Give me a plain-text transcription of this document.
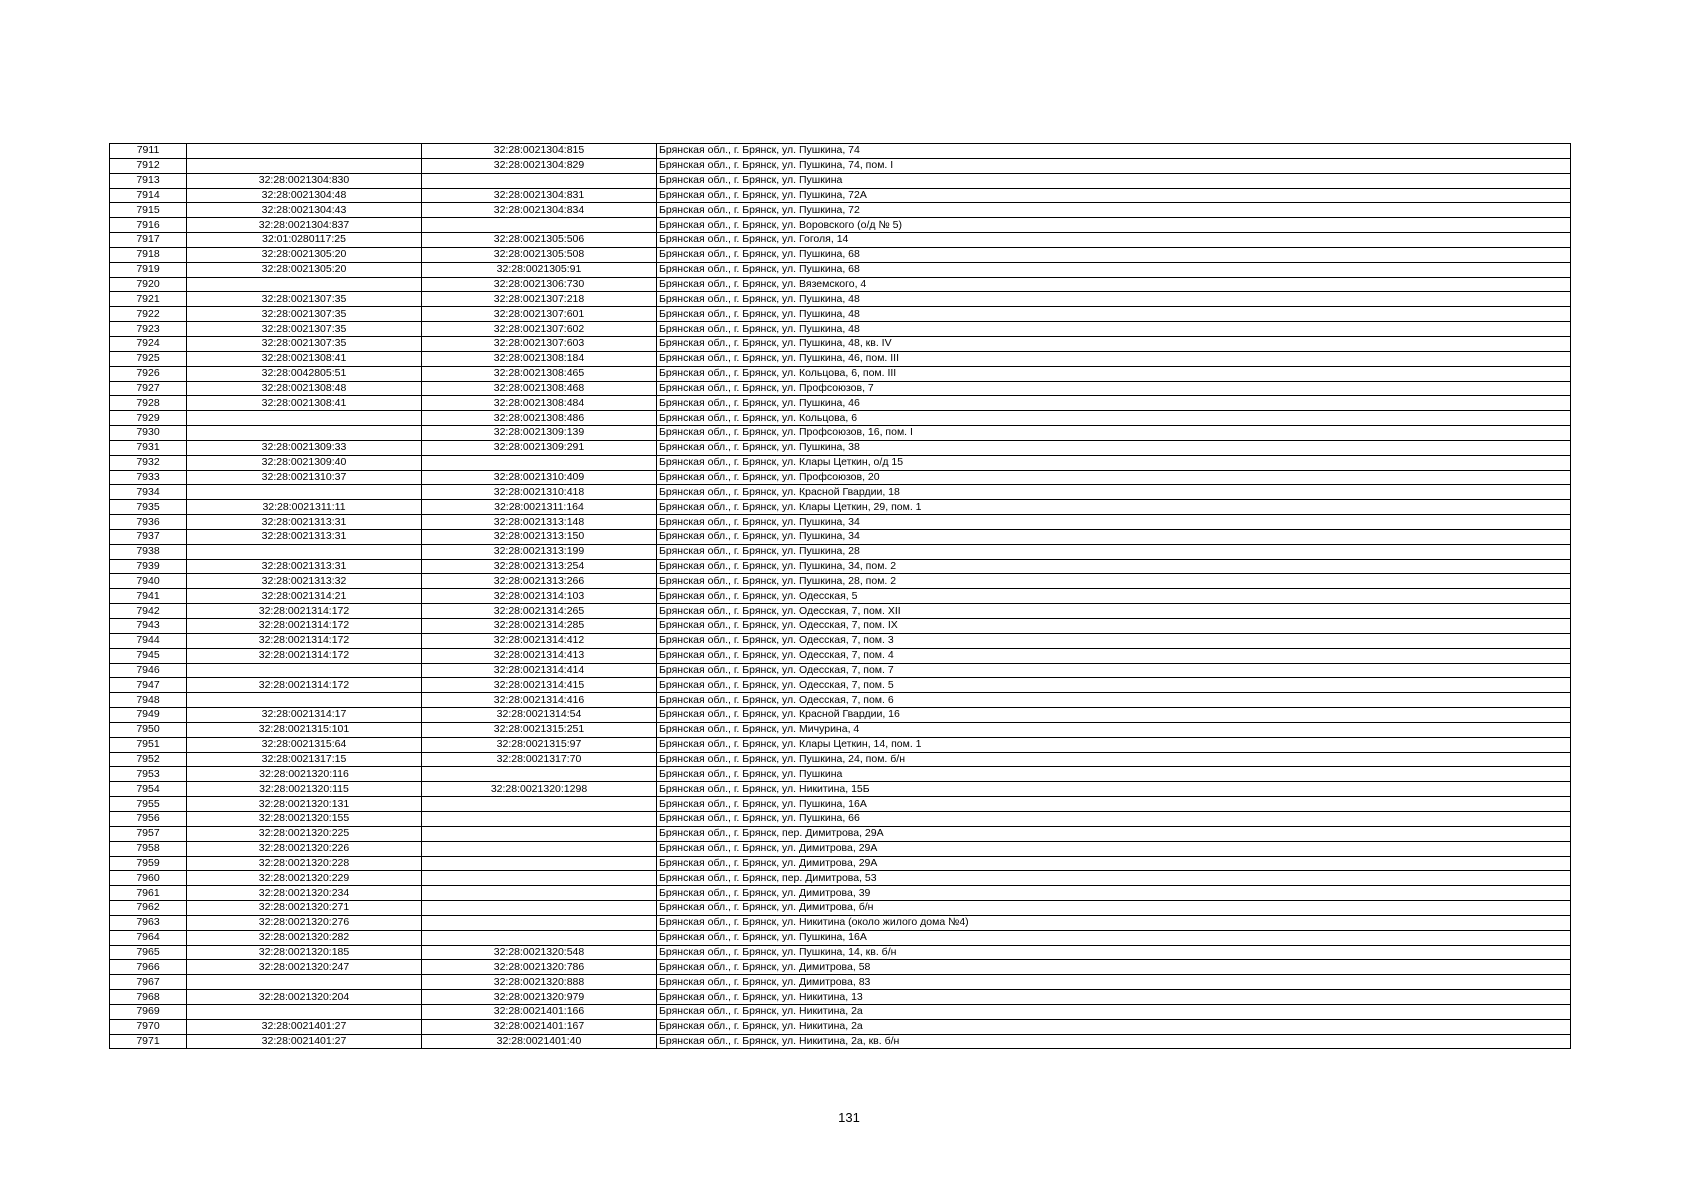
7911		32:28:0021304:815	Брянская обл., г. Брянск, ул. Пушкина, 74
7912		32:28:0021304:829	Брянская обл., г. Брянск, ул. Пушкина, 74, пом. I
7913	32:28:0021304:830		Брянская обл., г. Брянск, ул. Пушкина
7914	32:28:0021304:48	32:28:0021304:831	Брянская обл., г. Брянск, ул. Пушкина, 72А
7915	32:28:0021304:43	32:28:0021304:834	Брянская обл., г. Брянск, ул. Пушкина, 72
7916	32:28:0021304:837		Брянская обл., г. Брянск, ул. Воровского (о/д № 5)
7917	32:01:0280117:25	32:28:0021305:506	Брянская обл., г. Брянск, ул. Гоголя, 14
7918	32:28:0021305:20	32:28:0021305:508	Брянская обл., г. Брянск, ул. Пушкина, 68
7919	32:28:0021305:20	32:28:0021305:91	Брянская обл., г. Брянск, ул. Пушкина, 68
7920		32:28:0021306:730	Брянская обл., г. Брянск, ул. Вяземского, 4
7921	32:28:0021307:35	32:28:0021307:218	Брянская обл., г. Брянск, ул. Пушкина, 48
7922	32:28:0021307:35	32:28:0021307:601	Брянская обл., г. Брянск, ул. Пушкина, 48
7923	32:28:0021307:35	32:28:0021307:602	Брянская обл., г. Брянск, ул. Пушкина, 48
7924	32:28:0021307:35	32:28:0021307:603	Брянская обл., г. Брянск, ул. Пушкина, 48, кв. IV
7925	32:28:0021308:41	32:28:0021308:184	Брянская обл., г. Брянск, ул. Пушкина, 46, пом. III
7926	32:28:0042805:51	32:28:0021308:465	Брянская обл., г. Брянск, ул. Кольцова, 6, пом. III
7927	32:28:0021308:48	32:28:0021308:468	Брянская обл., г. Брянск, ул. Профсоюзов, 7
7928	32:28:0021308:41	32:28:0021308:484	Брянская обл., г. Брянск, ул. Пушкина, 46
7929		32:28:0021308:486	Брянская обл., г. Брянск, ул. Кольцова, 6
7930		32:28:0021309:139	Брянская обл., г. Брянск, ул. Профсоюзов, 16, пом. I
7931	32:28:0021309:33	32:28:0021309:291	Брянская обл., г. Брянск, ул. Пушкина, 38
7932	32:28:0021309:40		Брянская обл., г. Брянск, ул. Клары Цеткин, о/д 15
7933	32:28:0021310:37	32:28:0021310:409	Брянская обл., г. Брянск, ул. Профсоюзов, 20
7934		32:28:0021310:418	Брянская обл., г. Брянск, ул. Красной Гвардии, 18
7935	32:28:0021311:11	32:28:0021311:164	Брянская обл., г. Брянск, ул. Клары Цеткин, 29, пом. 1
7936	32:28:0021313:31	32:28:0021313:148	Брянская обл., г. Брянск, ул. Пушкина, 34
7937	32:28:0021313:31	32:28:0021313:150	Брянская обл., г. Брянск, ул. Пушкина, 34
7938		32:28:0021313:199	Брянская обл., г. Брянск, ул. Пушкина, 28
7939	32:28:0021313:31	32:28:0021313:254	Брянская обл., г. Брянск, ул. Пушкина, 34, пом. 2
7940	32:28:0021313:32	32:28:0021313:266	Брянская обл., г. Брянск, ул. Пушкина, 28, пом. 2
7941	32:28:0021314:21	32:28:0021314:103	Брянская обл., г. Брянск, ул. Одесская, 5
7942	32:28:0021314:172	32:28:0021314:265	Брянская обл., г. Брянск, ул. Одесская, 7, пом. XII
7943	32:28:0021314:172	32:28:0021314:285	Брянская обл., г. Брянск, ул. Одесская, 7, пом. IX
7944	32:28:0021314:172	32:28:0021314:412	Брянская обл., г. Брянск, ул. Одесская, 7, пом. 3
7945	32:28:0021314:172	32:28:0021314:413	Брянская обл., г. Брянск, ул. Одесская, 7, пом. 4
7946		32:28:0021314:414	Брянская обл., г. Брянск, ул. Одесская, 7, пом. 7
7947	32:28:0021314:172	32:28:0021314:415	Брянская обл., г. Брянск, ул. Одесская, 7, пом. 5
7948		32:28:0021314:416	Брянская обл., г. Брянск, ул. Одесская, 7, пом. 6
7949	32:28:0021314:17	32:28:0021314:54	Брянская обл., г. Брянск, ул. Красной Гвардии, 16
7950	32:28:0021315:101	32:28:0021315:251	Брянская обл., г. Брянск, ул. Мичурина, 4
7951	32:28:0021315:64	32:28:0021315:97	Брянская обл., г. Брянск, ул. Клары Цеткин, 14, пом. 1
7952	32:28:0021317:15	32:28:0021317:70	Брянская обл., г. Брянск, ул. Пушкина, 24, пом. б/н
7953	32:28:0021320:116		Брянская обл., г. Брянск, ул. Пушкина
7954	32:28:0021320:115	32:28:0021320:1298	Брянская обл., г. Брянск, ул. Никитина, 15Б
7955	32:28:0021320:131		Брянская обл., г. Брянск, ул. Пушкина, 16А
7956	32:28:0021320:155		Брянская обл., г. Брянск, ул. Пушкина, 66
7957	32:28:0021320:225		Брянская обл., г. Брянск, пер. Димитрова, 29А
7958	32:28:0021320:226		Брянская обл., г. Брянск, ул. Димитрова, 29А
7959	32:28:0021320:228		Брянская обл., г. Брянск, ул. Димитрова, 29А
7960	32:28:0021320:229		Брянская обл., г. Брянск, пер. Димитрова, 53
7961	32:28:0021320:234		Брянская обл., г. Брянск, ул. Димитрова, 39
7962	32:28:0021320:271		Брянская обл., г. Брянск, ул. Димитрова, б/н
7963	32:28:0021320:276		Брянская обл., г. Брянск, ул. Никитина (около жилого дома №4)
7964	32:28:0021320:282		Брянская обл., г. Брянск, ул. Пушкина, 16А
7965	32:28:0021320:185	32:28:0021320:548	Брянская обл., г. Брянск, ул. Пушкина, 14, кв. б/н
7966	32:28:0021320:247	32:28:0021320:786	Брянская обл., г. Брянск, ул. Димитрова, 58
7967		32:28:0021320:888	Брянская обл., г. Брянск, ул. Димитрова, 83
7968	32:28:0021320:204	32:28:0021320:979	Брянская обл., г. Брянск, ул. Никитина, 13
7969		32:28:0021401:166	Брянская обл., г. Брянск, ул. Никитина, 2а
7970	32:28:0021401:27	32:28:0021401:167	Брянская обл., г. Брянск, ул. Никитина, 2а
7971	32:28:0021401:27	32:28:0021401:40	Брянская обл., г. Брянск, ул. Никитина, 2а, кв. б/н
131
